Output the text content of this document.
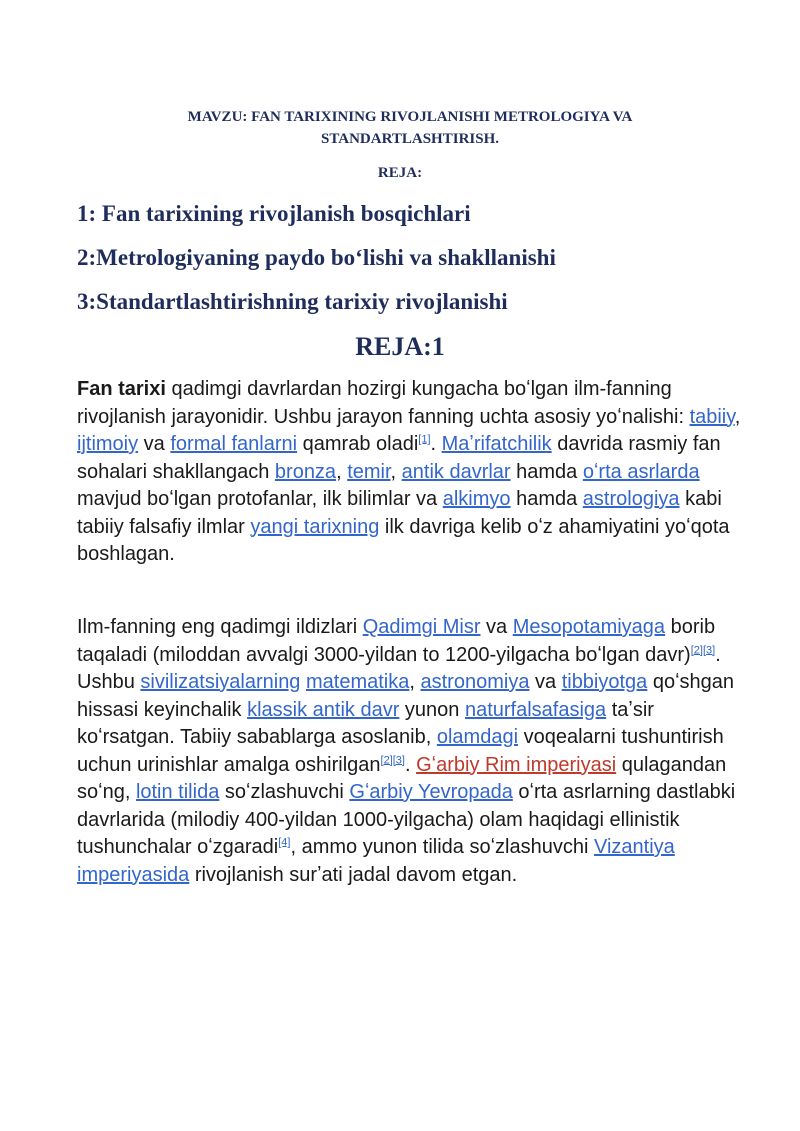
MAVZU: FAN TARIXINING RIVOJLANISHI METROLOGIYA VA
STANDARTLASHTIRISH.
REJA:
1: Fan tarixining rivojlanish bosqichlari
2:Metrologiyaning paydo boʻlishi va shakllanishi
3:Standartlashtirishning tarixiy rivojlanishi
REJA:1

Fan tarixi qadimgi davrlardan hozirgi kungacha boʻlgan ilm-fanning rivojlanish jarayonidir. Ushbu jarayon fanning uchta asosiy yoʻnalishi: tabiiy, ijtimoiy va formal fanlarni qamrab oladi[1]. Maʼrifatchilik davrida rasmiy fan sohalari shakllangach bronza, temir, antik davrlar hamda oʻrta asrlarda mavjud boʻlgan protofanlar, ilk bilimlar va alkimyo hamda astrologiya kabi tabiiy falsafiy ilmlar yangi tarixning ilk davriga kelib oʻz ahamiyatini yoʻqota boshlagan.

Ilm-fanning eng qadimgi ildizlari Qadimgi Misr va Mesopotamiyaga borib taqaladi (miloddan avvalgi 3000-yildan to 1200-yilgacha boʻlgan davr)[2][3]. Ushbu sivilizatsiyalarning matematika, astronomiya va tibbiyotga qoʻshgan hissasi keyinchalik klassik antik davr yunon naturfalsafasiga taʼsir koʻrsatgan. Tabiiy sabablarga asoslanib, olamdagi voqealarni tushuntirish uchun urinishlar amalga oshirilgan[2][3]. Gʻarbiy Rim imperiyasi qulagandan soʻng, lotin tilida soʻzlashuvchi Gʻarbiy Yevropada oʻrta asrlarning dastlabki davrlarida (milodiy 400-yildan 1000-yilgacha) olam haqidagi ellinistik tushunchalar oʻzgaradi[4], ammo yunon tilida soʻzlashuvchi Vizantiya imperiyasida rivojlanish surʼati jadal davom etgan.
